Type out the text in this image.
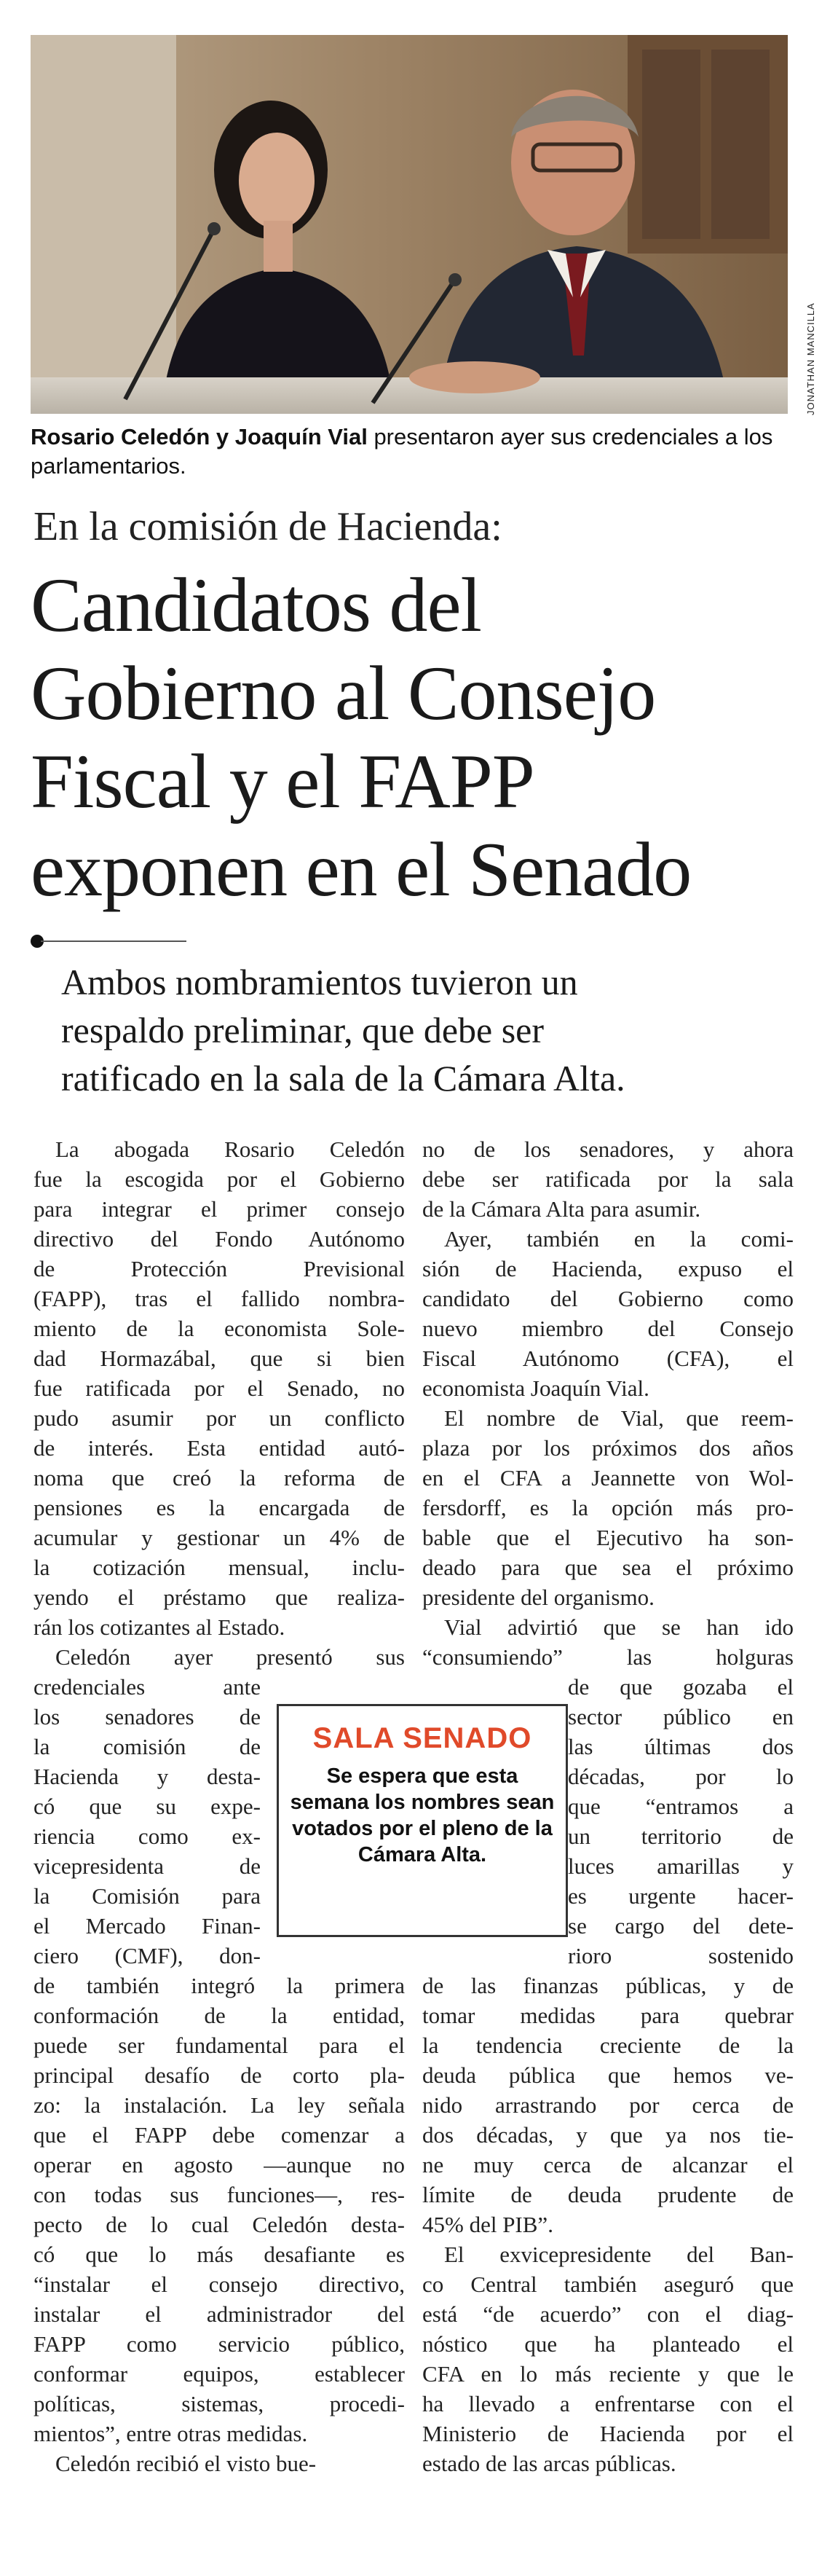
JONATHAN MANCILLA
Rosario Celedón y Joaquín Vial presentaron ayer sus credenciales a los parlamentarios.
En la comisión de Hacienda:
Candidatos del
Gobierno al Consejo
Fiscal y el FAPP
exponen en el Senado
Ambos nombramientos tuvieron un
respaldo preliminar, que debe ser
ratificado en la sala de la Cámara Alta.
La abogada Rosario Celedón
fue la escogida por el Gobierno
para integrar el primer consejo
directivo del Fondo Autónomo
de Protección Previsional
(FAPP), tras el fallido nombra-
miento de la economista Sole-
dad Hormazábal, que si bien
fue ratificada por el Senado, no
pudo asumir por un conflicto
de interés. Esta entidad autó-
noma que creó la reforma de
pensiones es la encargada de
acumular y gestionar un 4% de
la cotización mensual, inclu-
yendo el préstamo que realiza-
rán los cotizantes al Estado.
Celedón ayer presentó sus
credenciales ante
los senadores de
la comisión de
Hacienda y desta-
có que su expe-
riencia como ex-
vicepresidenta de
la Comisión para
el Mercado Finan-
ciero (CMF), don-
de también integró la primera
conformación de la entidad,
puede ser fundamental para el
principal desafío de corto pla-
zo: la instalación. La ley señala
que el FAPP debe comenzar a
operar en agosto —aunque no
con todas sus funciones—, res-
pecto de lo cual Celedón desta-
có que lo más desafiante es
“instalar el consejo directivo,
instalar el administrador del
FAPP como servicio público,
conformar equipos, establecer
políticas, sistemas, procedi-
mientos”, entre otras medidas.
Celedón recibió el visto bue-
no de los senadores, y ahora
debe ser ratificada por la sala
de la Cámara Alta para asumir.
Ayer, también en la comi-
sión de Hacienda, expuso el
candidato del Gobierno como
nuevo miembro del Consejo
Fiscal Autónomo (CFA), el
economista Joaquín Vial.
El nombre de Vial, que reem-
plaza por los próximos dos años
en el CFA a Jeannette von Wol-
fersdorff, es la opción más pro-
bable que el Ejecutivo ha son-
deado para que sea el próximo
presidente del organismo.
Vial advirtió que se han ido
“consumiendo” las holguras
de que gozaba el
sector público en
las últimas dos
décadas, por lo
que “entramos a
un territorio de
luces amarillas y
es urgente hacer-
se cargo del dete-
rioro sostenido
de las finanzas públicas, y de
tomar medidas para quebrar
la tendencia creciente de la
deuda pública que hemos ve-
nido arrastrando por cerca de
dos décadas, y que ya nos tie-
ne muy cerca de alcanzar el
límite de deuda prudente de
45% del PIB”.
El exvicepresidente del Ban-
co Central también aseguró que
está “de acuerdo” con el diag-
nóstico que ha planteado el
CFA en lo más reciente y que le
ha llevado a enfrentarse con el
Ministerio de Hacienda por el
estado de las arcas públicas.
SALA SENADO
Se espera que esta semana los nombres sean votados por el pleno de la Cámara Alta.
